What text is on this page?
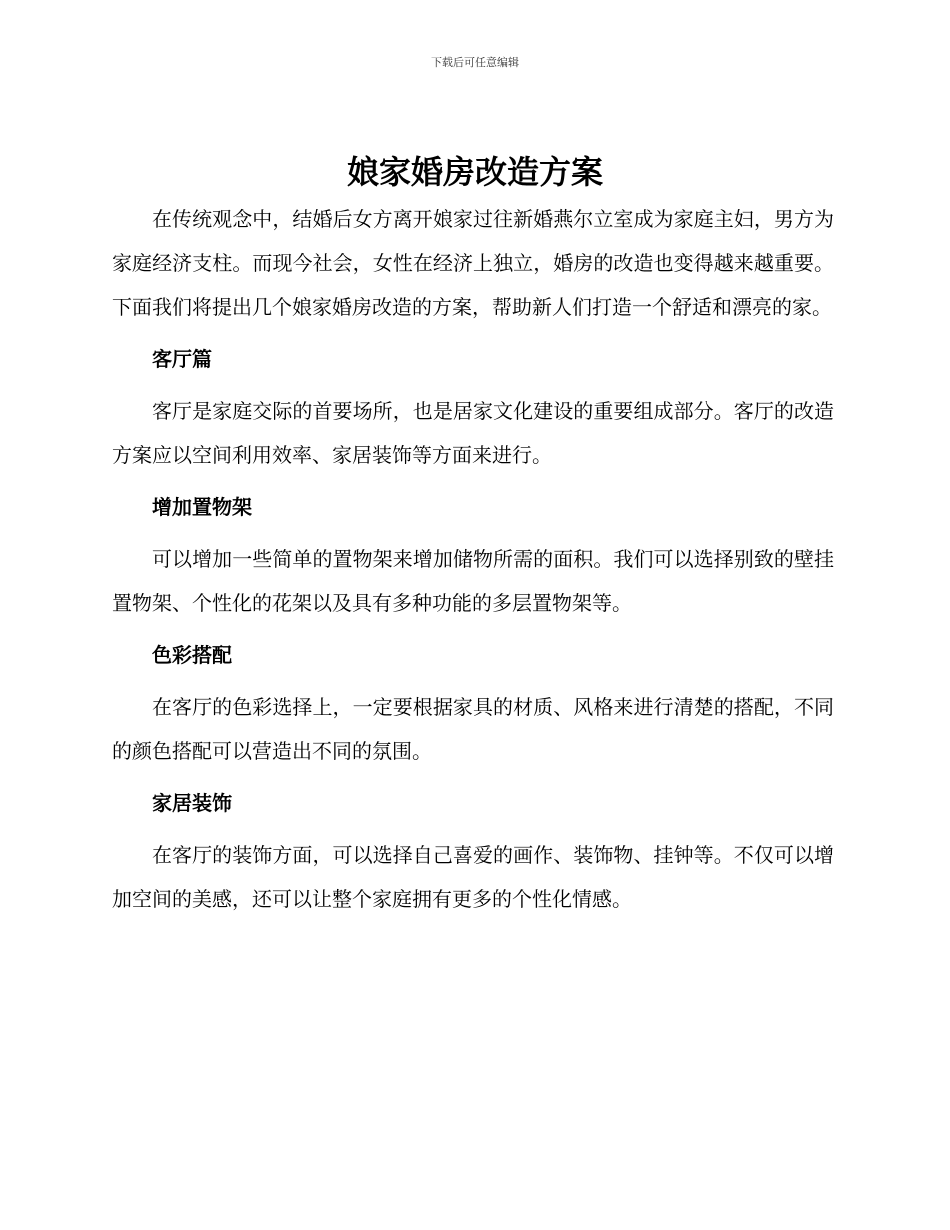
下载后可任意编辑
娘家婚房改造方案

在传统观念中，结婚后女方离开娘家过往新婚燕尔立室成为家庭主妇，男方为家庭经济支柱。而现今社会，女性在经济上独立，婚房的改造也变得越来越重要。下面我们将提出几个娘家婚房改造的方案，帮助新人们打造一个舒适和漂亮的家。

客厅篇

客厅是家庭交际的首要场所，也是居家文化建设的重要组成部分。客厅的改造方案应以空间利用效率、家居装饰等方面来进行。

增加置物架

可以增加一些简单的置物架来增加储物所需的面积。我们可以选择别致的壁挂置物架、个性化的花架以及具有多种功能的多层置物架等。

色彩搭配

在客厅的色彩选择上，一定要根据家具的材质、风格来进行清楚的搭配，不同的颜色搭配可以营造出不同的氛围。

家居装饰

在客厅的装饰方面，可以选择自己喜爱的画作、装饰物、挂钟等。不仅可以增加空间的美感，还可以让整个家庭拥有更多的个性化情感。
